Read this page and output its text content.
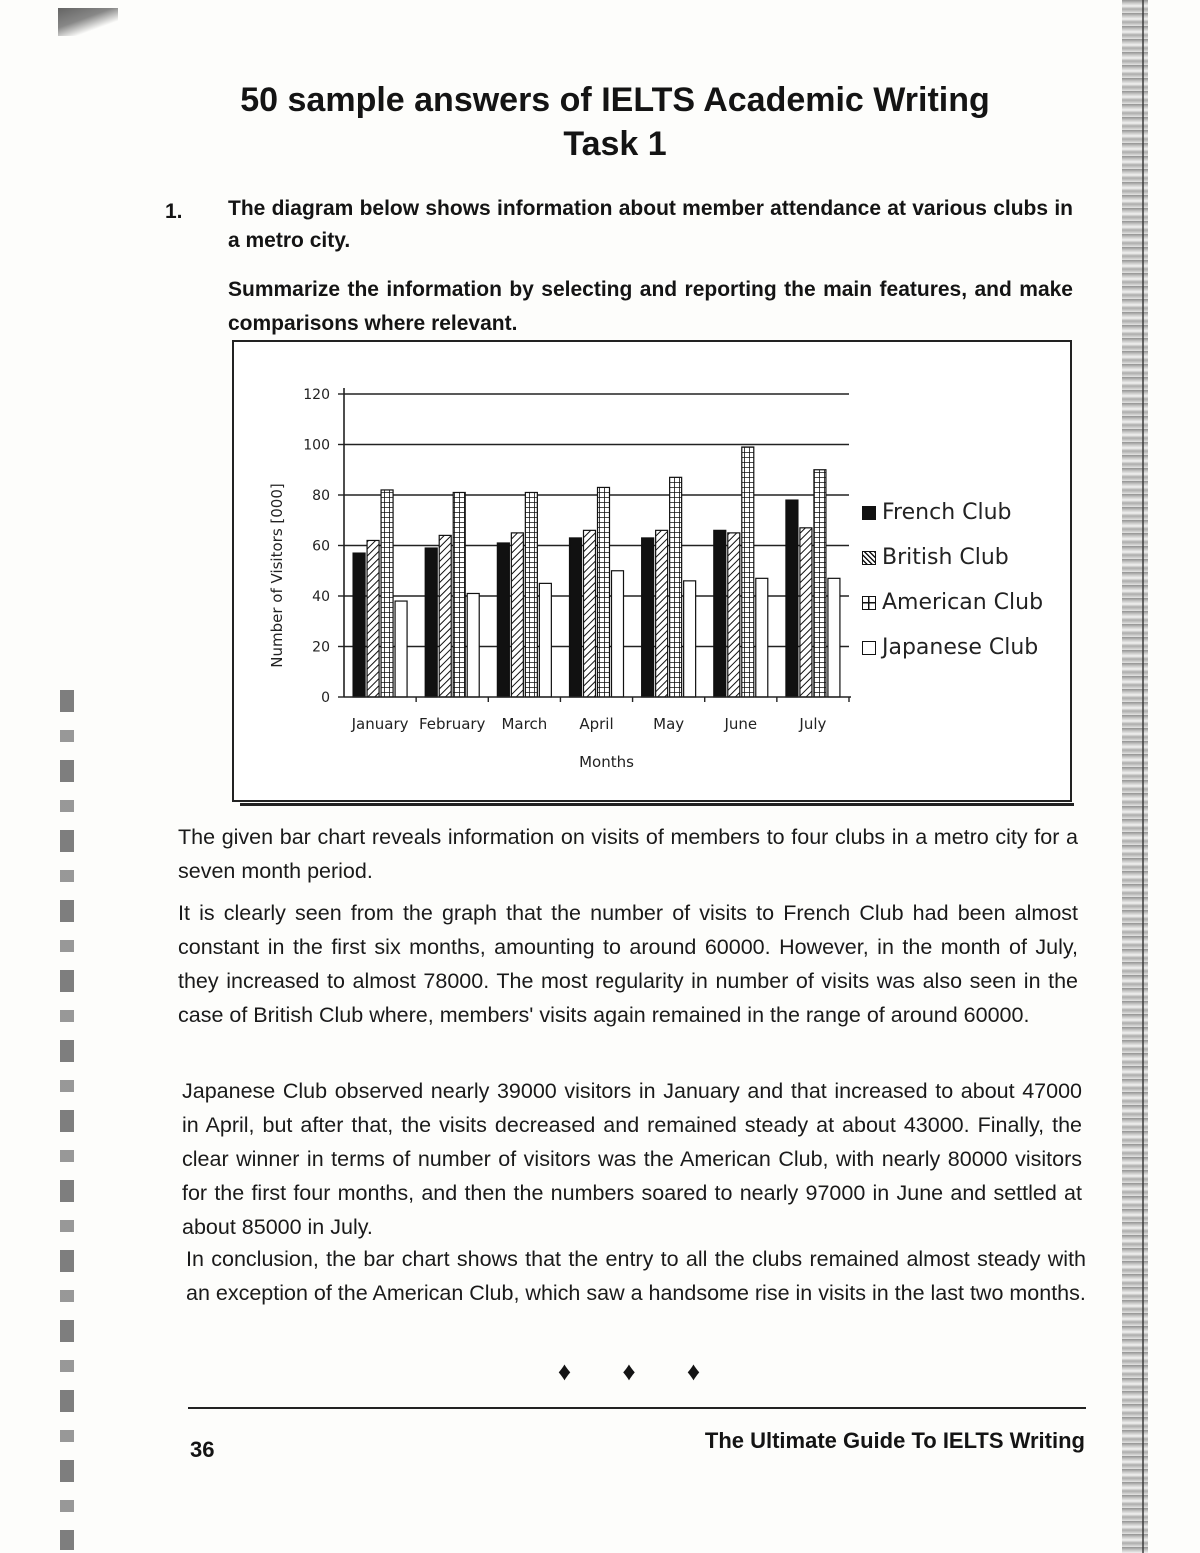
50 sample answers of IELTS Academic Writing
Task 1
1. The diagram below shows information about member attendance at various clubs in a metro city.
Summarize the information by selecting and reporting the main features, and make comparisons where relevant.
0
20
40
60
80
100
120
January February March April	May	June	July
Months
Number of Visitors [000]	French Club
British Club
American Club
Japanese Club
The given bar chart reveals information on visits of members to four clubs in a metro city for a seven month period.
It is clearly seen from the graph that the number of visits to French Club had been almost constant in the first six months, amounting to around 60000. However, in the month of July, they increased to almost 78000. The most regularity in number of visits was also seen in the case of British Club where, members' visits again remained in the range of around 60000.
Japanese Club observed nearly 39000 visitors in January and that increased to about 47000 in April, but after that, the visits decreased and remained steady at about 43000. Finally, the clear winner in terms of number of visitors was the American Club, with nearly 80000 visitors for the first four months, and then the numbers soared to nearly 97000 in June and settled at about 85000 in July.
In conclusion, the bar chart shows that the entry to all the clubs remained almost steady with an exception of the American Club, which saw a handsome rise in visits in the last two months.
♦ ♦ ♦
36	The Ultimate Guide To IELTS Writing
